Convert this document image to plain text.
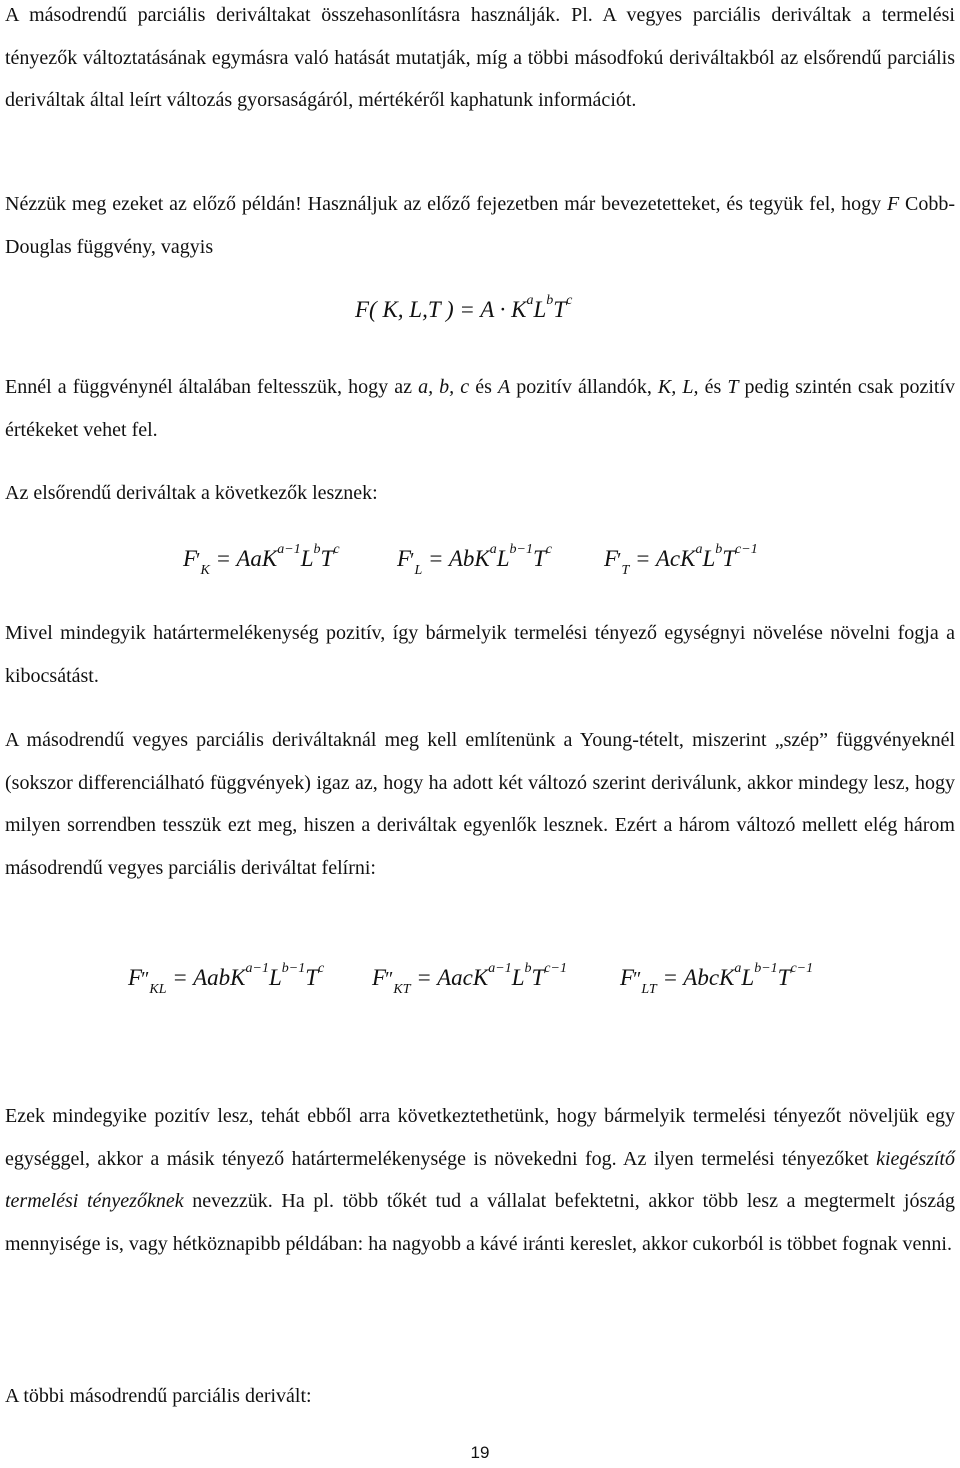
A másodrendű parciális deriváltakat összehasonlításra használják. Pl. A vegyes parciális deriváltak a termelési tényezők változtatásának egymásra való hatását mutatják, míg a többi másodfokú deriváltakból az elsőrendű parciális deriváltak által leírt változás gyorsaságáról, mértékéről kaphatunk információt.

Nézzük meg ezeket az előző példán! Használjuk az előző fejezetben már bevezetetteket, és tegyük fel, hogy F Cobb-Douglas függvény, vagyis

Ennél a függvénynél általában feltesszük, hogy az a, b, c és A pozitív állandók, K, L, és T pedig szintén csak pozitív értékeket vehet fel.

Az elsőrendű deriváltak a következők lesznek:

Mivel mindegyik határtermelékenység pozitív, így bármelyik termelési tényező egységnyi növelése növelni fogja a kibocsátást.

A másodrendű vegyes parciális deriváltaknál meg kell említenünk a Young-tételt, miszerint „szép” függvényeknél (sokszor differenciálható függvények) igaz az, hogy ha adott két változó szerint deriválunk, akkor mindegy lesz, hogy milyen sorrendben tesszük ezt meg, hiszen a deriváltak egyenlők lesznek. Ezért a három változó mellett elég három másodrendű vegyes parciális deriváltat felírni:

Ezek mindegyike pozitív lesz, tehát ebből arra következtethetünk, hogy bármelyik termelési tényezőt növeljük egy egységgel, akkor a másik tényező határtermelékenysége is növekedni fog. Az ilyen termelési tényezőket kiegészítő termelési tényezőknek nevezzük. Ha pl. több tőkét tud a vállalat befektetni, akkor több lesz a megtermelt jószág mennyisége is, vagy hétköznapibb példában: ha nagyobb a kávé iránti kereslet, akkor cukorból is többet fognak venni.

A többi másodrendű parciális derivált:

F( K, L,T ) = $A \cdot K^aL^bT^c$
$F'_K = AaK^{a-1}L^bT^c$ $F'_L = AbK^aL^{b-1}T^c$ $F'_T = AcK^aL^bT^{c-1}$
$F''_{KL}$ = $AabK^{a-1}L^{b-1}T^c$ $F''_{KT}$ = $AacK^{a-1}L^bT^{c-1}$ $F''_{LT}$ = $AbcK^aL^{b-1}T^{c-1}$
19
